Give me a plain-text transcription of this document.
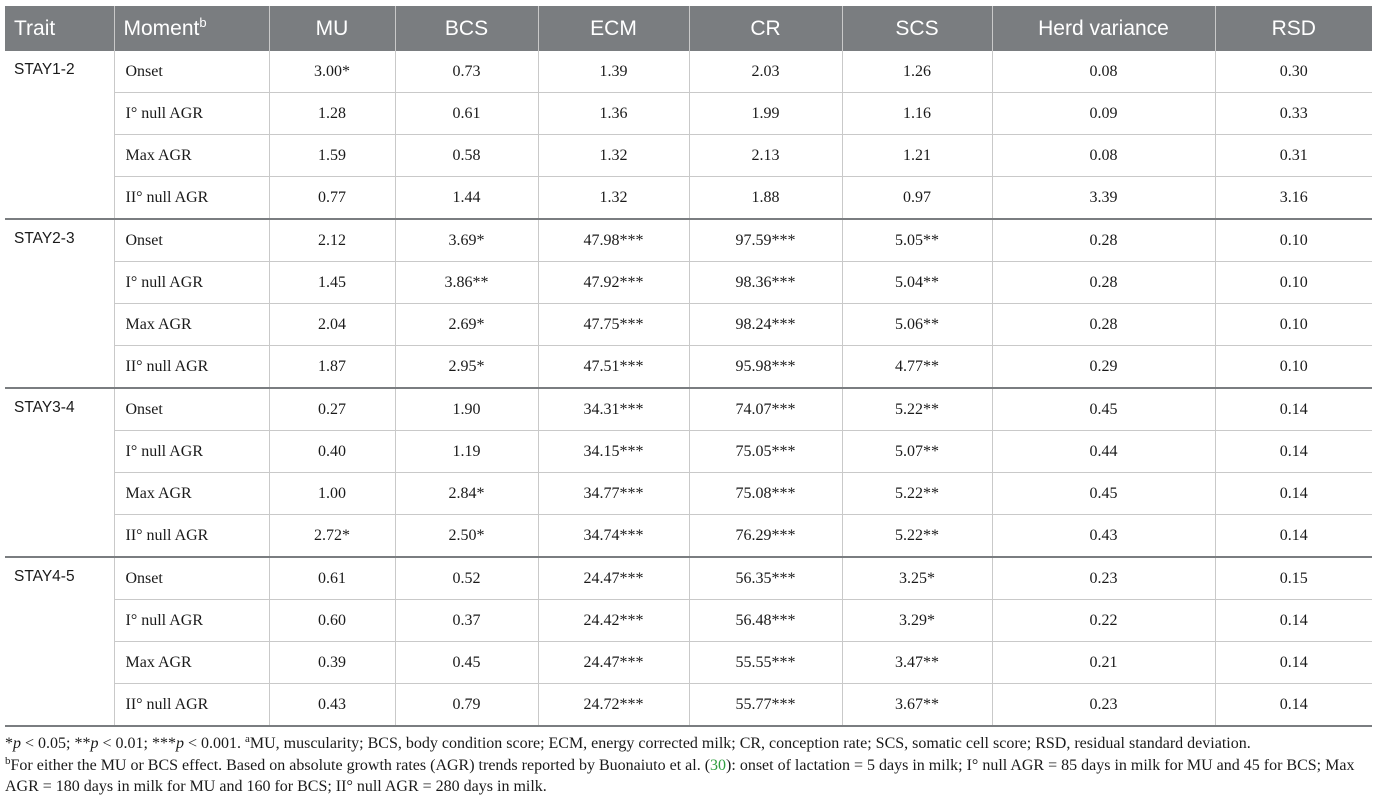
Trait	Moment$^b$	MU	BCS	ECM	CR	SCS	Herd variance	RSD
STAY1-2	Onset	3.00*	0.73	1.39	2.03	1.26	0.08	0.30
	I° null AGR	1.28	0.61	1.36	1.99	1.16	0.09	0.33
	Max AGR	1.59	0.58	1.32	2.13	1.21	0.08	0.31
	II° null AGR	0.77	1.44	1.32	1.88	0.97	3.39	3.16
STAY2-3	Onset	2.12	3.69*	47.98***	97.59***	5.05**	0.28	0.10
	I° null AGR	1.45	3.86**	47.92***	98.36***	5.04**	0.28	0.10
	Max AGR	2.04	2.69*	47.75***	98.24***	5.06**	0.28	0.10
	II° null AGR	1.87	2.95*	47.51***	95.98***	4.77**	0.29	0.10
STAY3-4	Onset	0.27	1.90	34.31***	74.07***	5.22**	0.45	0.14
	I° null AGR	0.40	1.19	34.15***	75.05***	5.07**	0.44	0.14
	Max AGR	1.00	2.84*	34.77***	75.08***	5.22**	0.45	0.14
	II° null AGR	2.72*	2.50*	34.74***	76.29***	5.22**	0.43	0.14
STAY4-5	Onset	0.61	0.52	24.47***	56.35***	3.25*	0.23	0.15
	I° null AGR	0.60	0.37	24.42***	56.48***	3.29*	0.22	0.14
	Max AGR	0.39	0.45	24.47***	55.55***	3.47**	0.21	0.14
	II° null AGR	0.43	0.79	24.72***	55.77***	3.67**	0.23	0.14

*p < 0.05; **p < 0.01; ***p < 0.001. $^a$MU, muscularity; BCS, body condition score; ECM, energy corrected milk; CR, conception rate; SCS, somatic cell score; RSD, residual standard deviation.

$^b$For either the MU or BCS effect. Based on absolute growth rates (AGR) trends reported by Buonaiuto et al. (30): onset of lactation = 5 days in milk; I° null AGR = 85 days in milk for MU and 45 for BCS; Max AGR = 180 days in milk for MU and 160 for BCS; II° null AGR = 280 days in milk.
